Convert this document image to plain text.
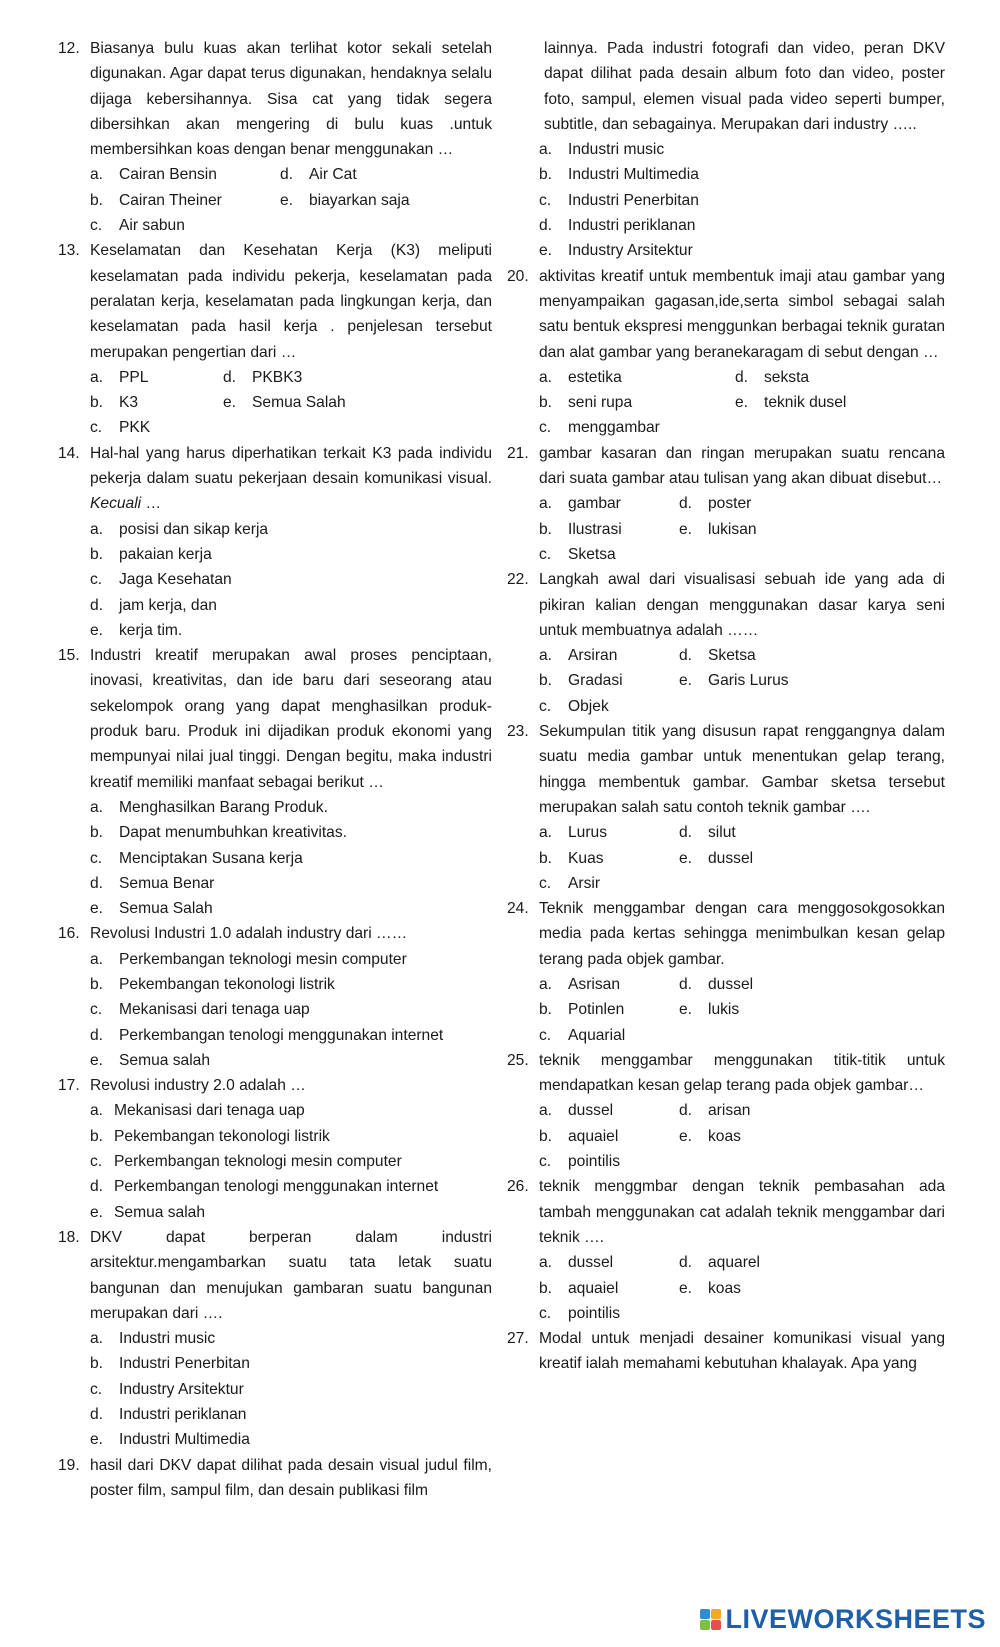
12. Biasanya bulu kuas akan terlihat kotor sekali setelah digunakan. Agar dapat terus digunakan, hendaknya selalu dijaga kebersihannya. Sisa cat yang tidak segera dibersihkan akan mengering di bulu kuas .untuk membersihkan koas dengan benar menggunakan …
a.	Cairan Bensin	d.	Air Cat
b.	Cairan Theiner	e.	biayarkan saja
c.	Air sabun
13. Keselamatan dan Kesehatan Kerja (K3) meliputi keselamatan pada individu pekerja, keselamatan pada peralatan kerja, keselamatan pada lingkungan kerja, dan keselamatan pada hasil kerja . penjelesan tersebut merupakan pengertian dari …
a.	PPL	d.	PKBK3
b.	K3	e.	Semua Salah
c.	PKK
14. Hal-hal yang harus diperhatikan terkait K3 pada individu pekerja dalam suatu pekerjaan desain komunikasi visual. Kecuali …
a.	posisi dan sikap kerja
b.	pakaian kerja
c.	Jaga Kesehatan
d.	jam kerja, dan
e.	kerja tim.
15. Industri kreatif merupakan awal proses penciptaan, inovasi, kreativitas, dan ide baru dari seseorang atau sekelompok orang yang dapat menghasilkan produk-produk baru. Produk ini dijadikan produk ekonomi yang mempunyai nilai jual tinggi. Dengan begitu, maka industri kreatif memiliki manfaat sebagai berikut …
a.	Menghasilkan Barang Produk.
b.	Dapat menumbuhkan kreativitas.
c.	Menciptakan Susana kerja
d.	Semua Benar
e.	Semua Salah
16. Revolusi Industri 1.0 adalah industry dari ……
a.	Perkembangan teknologi mesin computer
b.	Pekembangan tekonologi listrik
c.	Mekanisasi dari tenaga uap
d.	Perkembangan tenologi menggunakan internet
e.	Semua salah
17. Revolusi industry 2.0 adalah …
a. Mekanisasi dari tenaga uap
b. Pekembangan tekonologi listrik
c. Perkembangan teknologi mesin computer
d. Perkembangan tenologi menggunakan internet
e. Semua salah
18. DKV dapat berperan dalam industri arsitektur.mengambarkan suatu tata letak suatu bangunan dan menujukan gambaran suatu bangunan merupakan dari ….
a.	Industri music
b.	Industri Penerbitan
c.	Industry Arsitektur
d.	Industri periklanan
e.	Industri Multimedia
19. hasil dari DKV dapat dilihat pada desain visual judul film, poster film, sampul film, dan desain publikasi film
lainnya. Pada industri fotografi dan video, peran DKV dapat dilihat pada desain album foto dan video, poster foto, sampul, elemen visual pada video seperti bumper, subtitle, dan sebagainya. Merupakan dari industry …..
a.	Industri music
b.	Industri Multimedia
c.	Industri Penerbitan
d.	Industri periklanan
e.	Industry Arsitektur
20. aktivitas kreatif untuk membentuk imaji atau gambar yang menyampaikan gagasan,ide,serta simbol sebagai salah satu bentuk ekspresi menggunkan berbagai teknik guratan dan alat gambar yang beranekaragam di sebut dengan …
a.	estetika	d.	seksta
b.	seni rupa	e.	teknik dusel
c.	menggambar
21. gambar kasaran dan ringan merupakan suatu rencana dari suata gambar atau tulisan yang akan dibuat disebut…
a.	gambar	d.	poster
b.	Ilustrasi	e.	lukisan
c.	Sketsa
22. Langkah awal dari visualisasi sebuah ide yang ada di pikiran kalian dengan menggunakan dasar karya seni untuk membuatnya adalah ……
a.	Arsiran	d.	Sketsa
b.	Gradasi	e.	Garis Lurus
c.	Objek
23. Sekumpulan titik yang disusun rapat renggangnya dalam suatu media gambar untuk menentukan gelap terang, hingga membentuk gambar. Gambar sketsa tersebut merupakan salah satu contoh teknik gambar ….
a.	Lurus	d.	silut
b.	Kuas	e.	dussel
c.	Arsir
24. Teknik menggambar dengan cara menggosokgosokkan media pada kertas sehingga menimbulkan kesan gelap terang pada objek gambar.
a.	Asrisan	d.	dussel
b.	Potinlen	e.	lukis
c.	Aquarial
25. teknik menggambar menggunakan titik-titik untuk mendapatkan kesan gelap terang pada objek gambar…
a.	dussel	d.	arisan
b.	aquaiel	e.	koas
c.	pointilis
26. teknik menggmbar dengan teknik pembasahan ada tambah menggunakan cat adalah teknik menggambar dari teknik ….
a.	dussel	d.	aquarel
b.	aquaiel	e.	koas
c.	pointilis
27. Modal untuk menjadi desainer komunikasi visual yang kreatif ialah memahami kebutuhan khalayak. Apa yang
LIVEWORKSHEETS
